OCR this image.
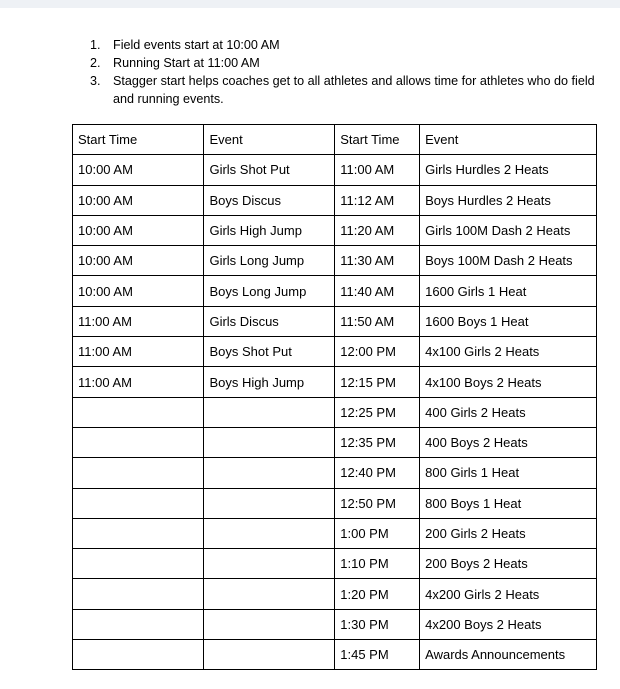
1. Field events start at 10:00 AM
2. Running Start at 11:00 AM
3. Stagger start helps coaches get to all athletes and allows time for athletes who do field and running events.
Start Time	Event	Start Time	Event
10:00 AM	Girls Shot Put	11:00 AM	Girls Hurdles 2 Heats
10:00 AM	Boys Discus	11:12 AM	Boys Hurdles 2 Heats
10:00 AM	Girls High Jump	11:20 AM	Girls 100M Dash 2 Heats
10:00 AM	Girls Long Jump	11:30 AM	Boys 100M Dash 2 Heats
10:00 AM	Boys Long Jump	11:40 AM	1600 Girls 1 Heat
11:00 AM	Girls Discus	11:50 AM	1600 Boys 1 Heat
11:00 AM	Boys Shot Put	12:00 PM	4x100 Girls 2 Heats
11:00 AM	Boys High Jump	12:15 PM	4x100 Boys 2 Heats
		12:25 PM	400 Girls 2 Heats
		12:35 PM	400 Boys 2 Heats
		12:40 PM	800 Girls 1 Heat
		12:50 PM	800 Boys 1 Heat
		1:00 PM	200 Girls 2 Heats
		1:10 PM	200 Boys 2 Heats
		1:20 PM	4x200 Girls 2 Heats
		1:30 PM	4x200 Boys 2 Heats
		1:45 PM	Awards Announcements
